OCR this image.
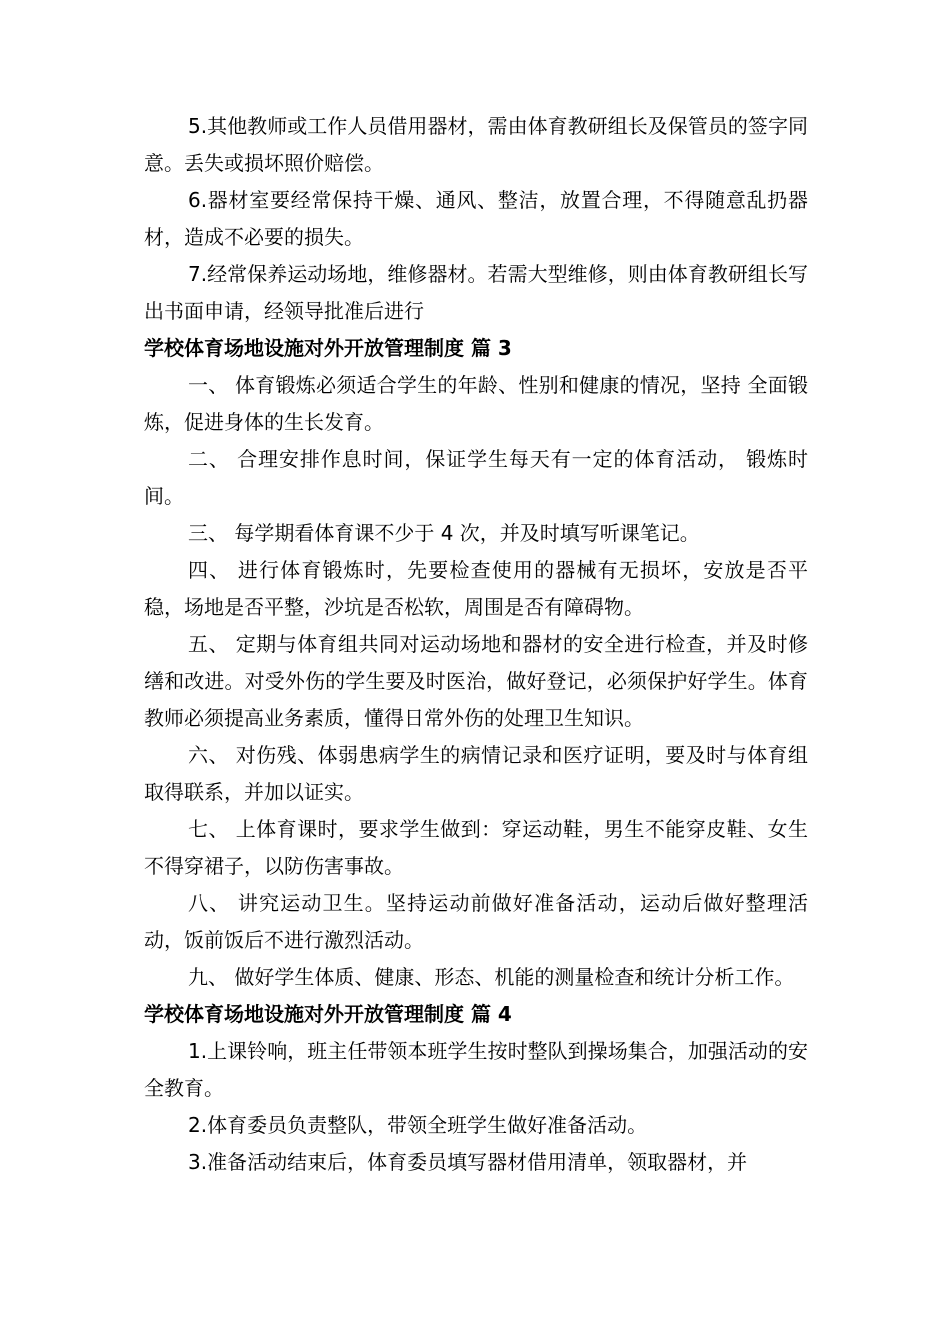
5.其他教师或工作人员借用器材，需由体育教研组长及保管员的签字同意。丢失或损坏照价赔偿。

6.器材室要经常保持干燥、通风、整洁，放置合理，不得随意乱扔器材，造成不必要的损失。

7.经常保养运动场地，维修器材。若需大型维修，则由体育教研组长写出书面申请，经领导批准后进行

学校体育场地设施对外开放管理制度 篇 3

一、 体育锻炼必须适合学生的年龄、性别和健康的情况，坚持 全面锻炼，促进身体的生长发育。

二、 合理安排作息时间，保证学生每天有一定的体育活动， 锻炼时间。

三、 每学期看体育课不少于 4 次，并及时填写听课笔记。

四、 进行体育锻炼时，先要检查使用的器械有无损坏，安放是否平稳，场地是否平整，沙坑是否松软，周围是否有障碍物。

五、 定期与体育组共同对运动场地和器材的安全进行检查，并及时修缮和改进。对受外伤的学生要及时医治，做好登记，必须保护好学生。体育教师必须提高业务素质，懂得日常外伤的处理卫生知识。

六、 对伤残、体弱患病学生的病情记录和医疗证明，要及时与体育组取得联系，并加以证实。

七、 上体育课时，要求学生做到：穿运动鞋，男生不能穿皮鞋、女生不得穿裙子，以防伤害事故。

八、 讲究运动卫生。坚持运动前做好准备活动，运动后做好整理活动，饭前饭后不进行激烈活动。

九、 做好学生体质、健康、形态、机能的测量检查和统计分析工作。

学校体育场地设施对外开放管理制度 篇 4

1.上课铃响，班主任带领本班学生按时整队到操场集合，加强活动的安全教育。

2.体育委员负责整队，带领全班学生做好准备活动。

3.准备活动结束后，体育委员填写器材借用清单，领取器材，并
